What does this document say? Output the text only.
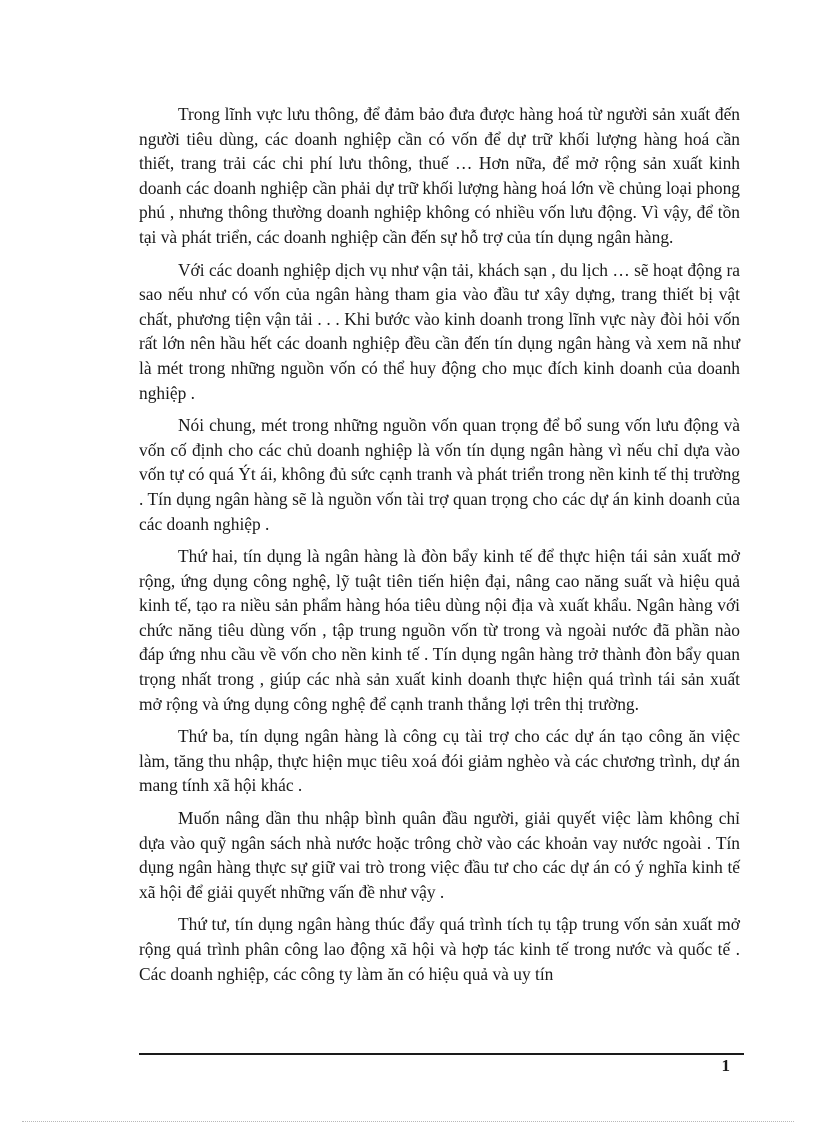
Trong lĩnh vực lưu thông, để đảm bảo đưa được hàng hoá từ người sản xuất đến người tiêu dùng, các doanh nghiệp cần có vốn để dự trữ khối lượng hàng hoá cần thiết, trang trải các chi phí lưu thông, thuế … Hơn nữa, để mở rộng sản xuất kinh doanh các doanh nghiệp cần phải dự trữ khối lượng hàng hoá lớn về chủng loại phong phú , nhưng thông thường doanh nghiệp không có nhiều vốn lưu động. Vì vậy, để tồn tại và phát triển, các doanh nghiệp cần đến sự hỗ trợ của tín dụng ngân hàng.

Với các doanh nghiệp dịch vụ như vận tải, khách sạn , du lịch … sẽ hoạt động ra sao nếu như có vốn của ngân hàng tham gia vào đầu tư xây dựng, trang thiết bị vật chất, phương tiện vận tải . . . Khi bước vào kinh doanh trong lĩnh vực này đòi hỏi vốn rất lớn nên hầu hết các doanh nghiệp đều cần đến tín dụng ngân hàng và xem nã như là mét trong những nguồn vốn có thể huy động cho mục đích kinh doanh của doanh nghiệp .

Nói chung, mét trong những nguồn vốn quan trọng để bổ sung vốn lưu động và vốn cố định cho các chủ doanh nghiệp là vốn tín dụng ngân hàng vì nếu chỉ dựa vào vốn tự có quá Ýt ái, không đủ sức cạnh tranh và phát triển trong nền kinh tế thị trường . Tín dụng ngân hàng sẽ là nguồn vốn tài trợ quan trọng cho các dự án kinh doanh của các doanh nghiệp .

Thứ hai, tín dụng là ngân hàng là đòn bẩy kinh tế để thực hiện tái sản xuất mở rộng, ứng dụng công nghệ, lỹ tuật tiên tiến hiện đại, nâng cao năng suất và hiệu quả kinh tế, tạo ra niều sản phẩm hàng hóa tiêu dùng nội địa và xuất khẩu. Ngân hàng với chức năng tiêu dùng vốn , tập trung nguồn vốn từ trong và ngoài nước đã phần nào đáp ứng nhu cầu về vốn cho nền kinh tế . Tín dụng ngân hàng trở thành đòn bẩy quan trọng nhất trong , giúp các nhà sản xuất kinh doanh thực hiện quá trình tái sản xuất mở rộng và ứng dụng công nghệ để cạnh tranh thắng lợi trên thị trường.

Thứ ba, tín dụng ngân hàng là công cụ tài trợ cho các dự án tạo công ăn việc làm, tăng thu nhập, thực hiện mục tiêu xoá đói giảm nghèo và các chương trình, dự án mang tính xã hội khác .

Muốn nâng dần thu nhập bình quân đầu người, giải quyết việc làm không chỉ dựa vào quỹ ngân sách nhà nước hoặc trông chờ vào các khoản vay nước ngoài . Tín dụng ngân hàng thực sự giữ vai trò trong việc đầu tư cho các dự án có ý nghĩa kinh tế xã hội để giải quyết những vấn đề như vậy .

Thứ tư, tín dụng ngân hàng thúc đẩy quá trình tích tụ tập trung vốn sản xuất mở rộng quá trình phân công lao động xã hội và hợp tác kinh tế trong nước và quốc tế . Các doanh nghiệp, các công ty làm ăn có hiệu quả và uy tín

1
